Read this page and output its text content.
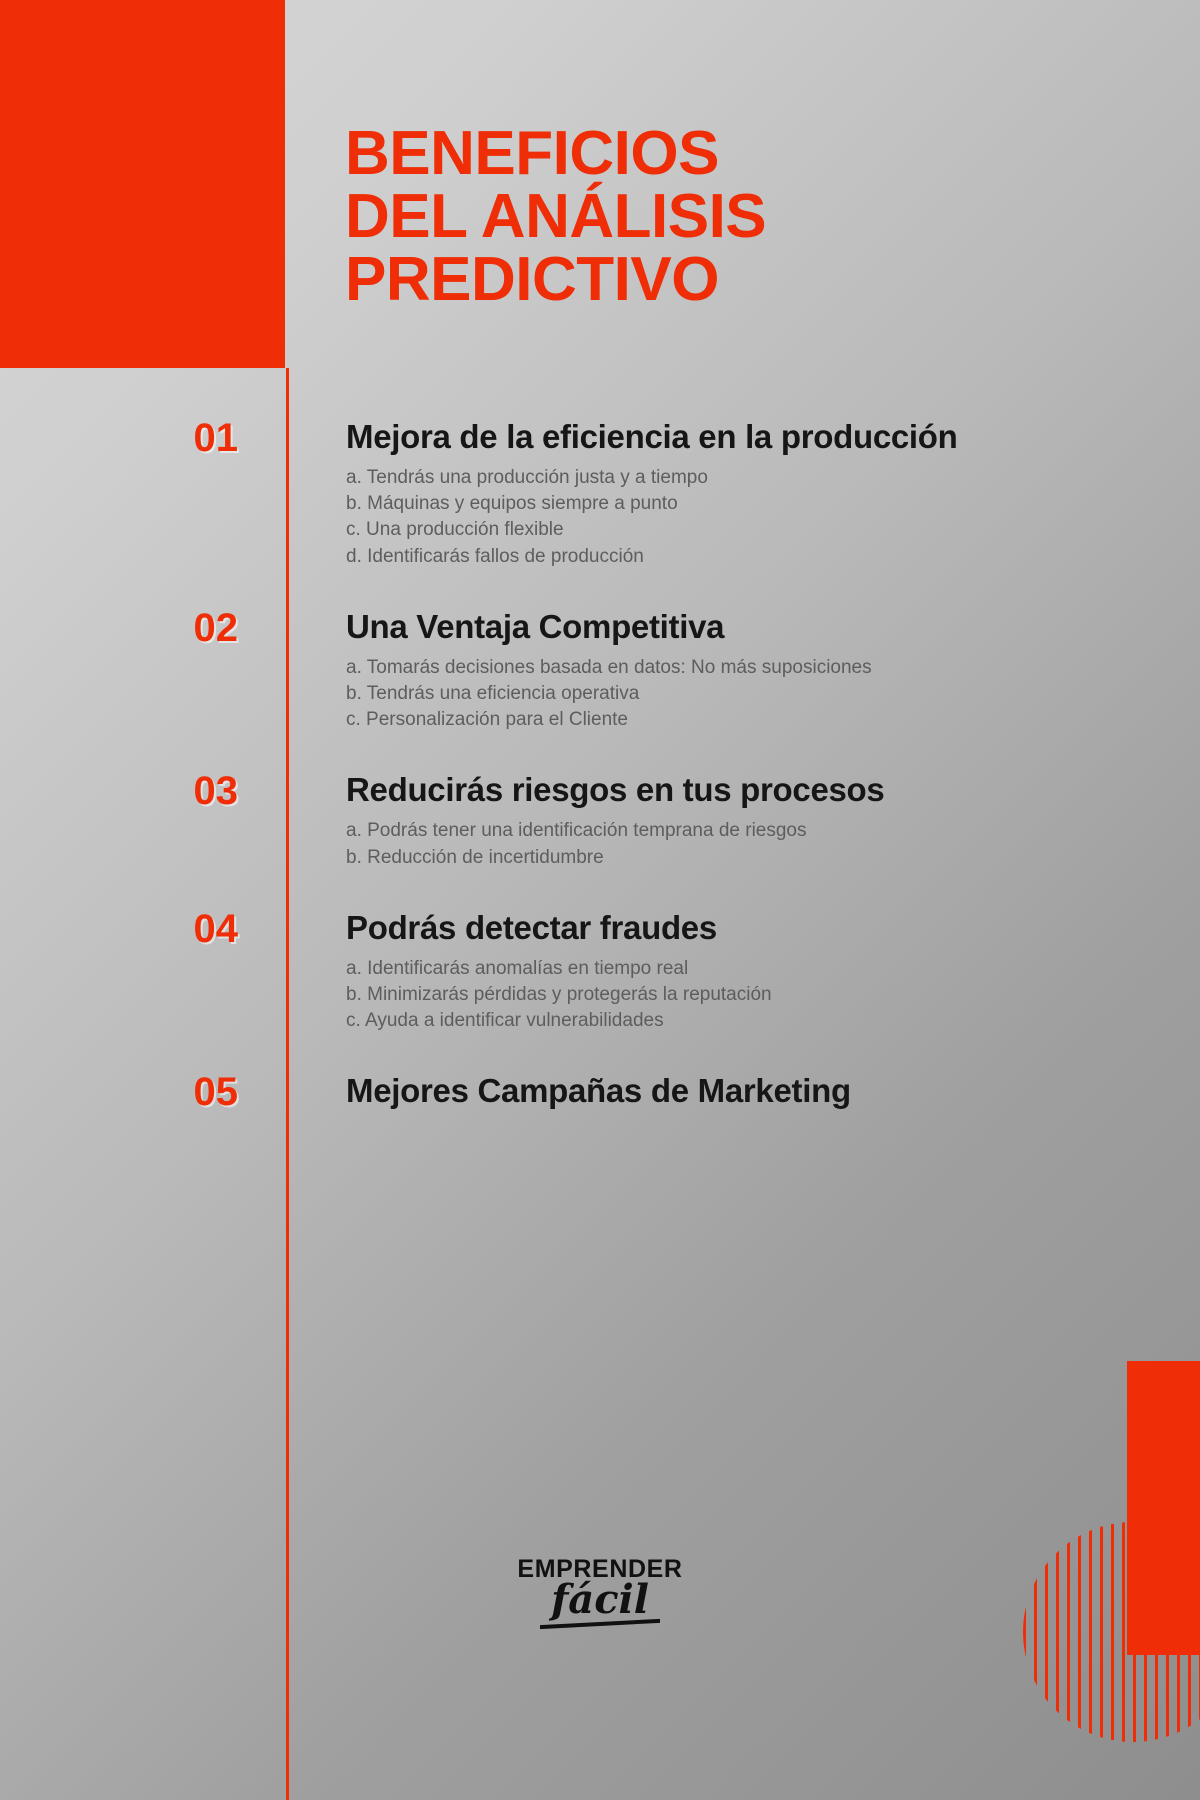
BENEFICIOS
DEL ANÁLISIS
PREDICTIVO
01	Mejora de la eficiencia en la producción
a. Tendrás una producción justa y a tiempo
b. Máquinas y equipos siempre a punto
c. Una producción flexible
d. Identificarás fallos de producción
02	Una Ventaja Competitiva
a. Tomarás decisiones basada en datos: No más suposiciones
b. Tendrás una eficiencia operativa
c. Personalización para el Cliente
03	Reducirás riesgos en tus procesos
a. Podrás tener una identificación temprana de riesgos
b. Reducción de incertidumbre
04	Podrás detectar fraudes
a. Identificarás anomalías en tiempo real
b. Minimizarás pérdidas y protegerás la reputación
c. Ayuda a identificar vulnerabilidades
05	Mejores Campañas de Marketing
EMPRENDER
fácil
